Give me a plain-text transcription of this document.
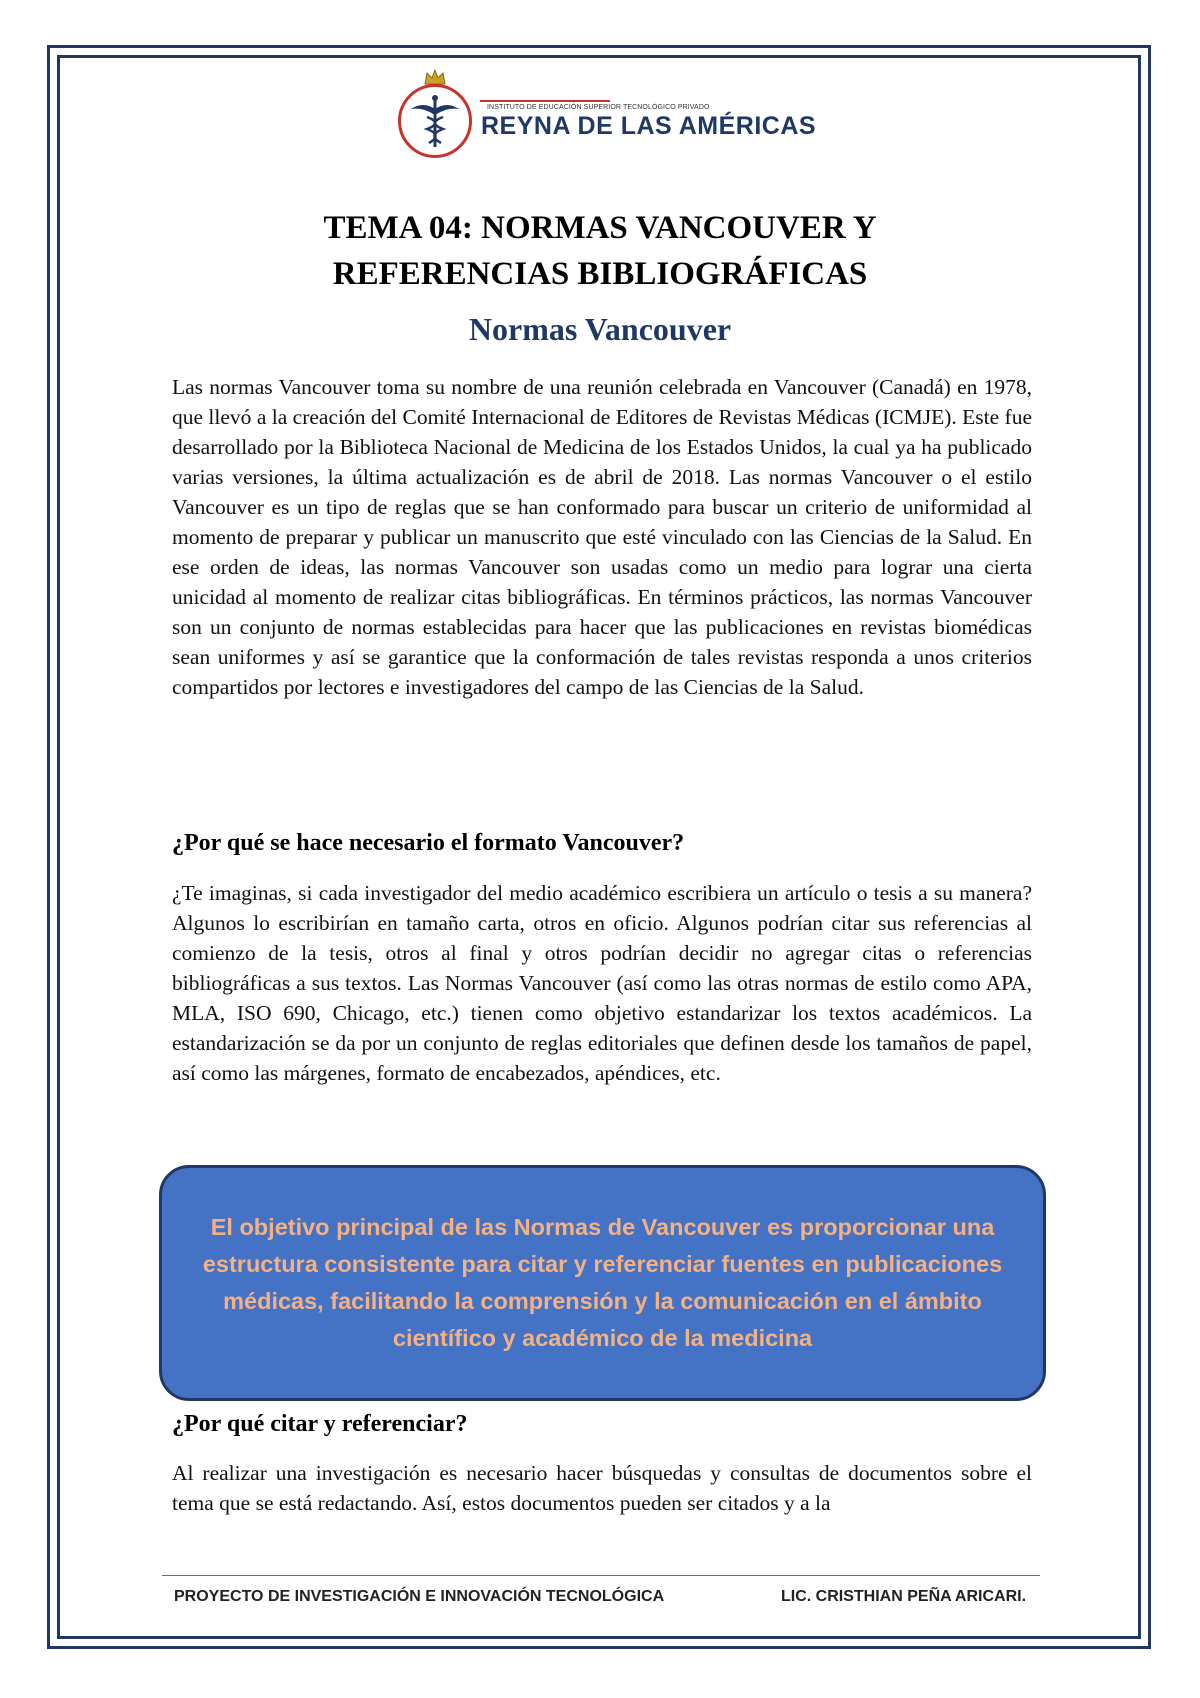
INSTITUTO DE EDUCACIÓN SUPERIOR TECNOLÓGICO PRIVADO
REYNA DE LAS AMÉRICAS
TEMA 04: NORMAS VANCOUVER Y
REFERENCIAS BIBLIOGRÁFICAS
Normas Vancouver
Las normas Vancouver toma su nombre de una reunión celebrada en Vancouver (Canadá) en 1978, que llevó a la creación del Comité Internacional de Editores de Revistas Médicas (ICMJE). Este fue desarrollado por la Biblioteca Nacional de Medicina de los Estados Unidos, la cual ya ha publicado varias versiones, la última actualización es de abril de 2018. Las normas Vancouver o el estilo Vancouver es un tipo de reglas que se han conformado para buscar un criterio de uniformidad al momento de preparar y publicar un manuscrito que esté vinculado con las Ciencias de la Salud. En ese orden de ideas, las normas Vancouver son usadas como un medio para lograr una cierta unicidad al momento de realizar citas bibliográficas. En términos prácticos, las normas Vancouver son un conjunto de normas establecidas para hacer que las publicaciones en revistas biomédicas sean uniformes y así se garantice que la conformación de tales revistas responda a unos criterios compartidos por lectores e investigadores del campo de las Ciencias de la Salud.
¿Por qué se hace necesario el formato Vancouver?
¿Te imaginas, si cada investigador del medio académico escribiera un artículo o tesis a su manera? Algunos lo escribirían en tamaño carta, otros en oficio. Algunos podrían citar sus referencias al comienzo de la tesis, otros al final y otros podrían decidir no agregar citas o referencias bibliográficas a sus textos. Las Normas Vancouver (así como las otras normas de estilo como APA, MLA, ISO 690, Chicago, etc.) tienen como objetivo estandarizar los textos académicos. La estandarización se da por un conjunto de reglas editoriales que definen desde los tamaños de papel, así como las márgenes, formato de encabezados, apéndices, etc.
El objetivo principal de las Normas de Vancouver es proporcionar una estructura consistente para citar y referenciar fuentes en publicaciones médicas, facilitando la comprensión y la comunicación en el ámbito científico y académico de la medicina
¿Por qué citar y referenciar?
Al realizar una investigación es necesario hacer búsquedas y consultas de documentos sobre el tema que se está redactando. Así, estos documentos pueden ser citados y a la
PROYECTO DE INVESTIGACIÓN E INNOVACIÓN TECNOLÓGICA	LIC. CRISTHIAN PEÑA ARICARI.
